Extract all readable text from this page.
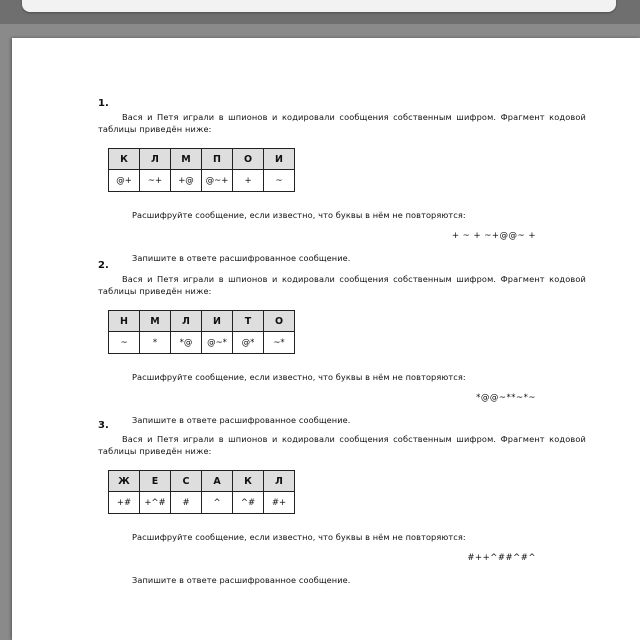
1.
Вася и Петя играли в шпионов и кодировали сообщения собственным шифром. Фрагмент кодовой таблицы приведён ниже:
К	Л	М	П	О	И
@+	~+	+@	@~+	+	~
Расшифруйте сообщение, если известно, что буквы в нём не повторяются:
+ ~ + ~+@@~ +
Запишите в ответе расшифрованное сообщение.
2.
Вася и Петя играли в шпионов и кодировали сообщения собственным шифром. Фрагмент кодовой таблицы приведён ниже:
Н	М	Л	И	Т	О
~	*	*@	@~*	@*	~*
Расшифруйте сообщение, если известно, что буквы в нём не повторяются:
*@@~**~*~
Запишите в ответе расшифрованное сообщение.
3.
Вася и Петя играли в шпионов и кодировали сообщения собственным шифром. Фрагмент кодовой таблицы приведён ниже:
Ж	Е	С	А	К	Л
+#	+^#	#	^	^#	#+
Расшифруйте сообщение, если известно, что буквы в нём не повторяются:
#++^##^#^
Запишите в ответе расшифрованное сообщение.
